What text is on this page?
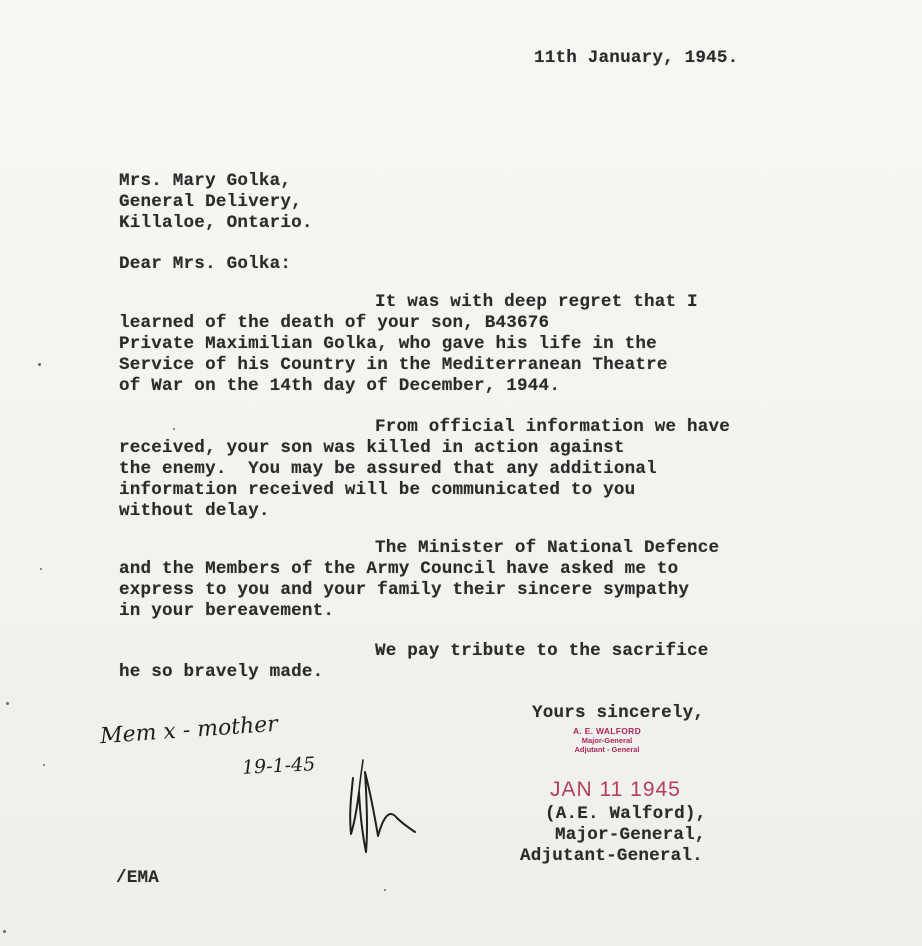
11th January, 1945.
Mrs. Mary Golka,
General Delivery,
Killaloe, Ontario.
Dear Mrs. Golka:
It was with deep regret that I
learned of the death of your son, B43676
Private Maximilian Golka, who gave his life in the
Service of his Country in the Mediterranean Theatre
of War on the 14th day of December, 1944.
From official information we have
received, your son was killed in action against
the enemy.  You may be assured that any additional
information received will be communicated to you
without delay.
The Minister of National Defence
and the Members of the Army Council have asked me to
express to you and your family their sincere sympathy
in your bereavement.
We pay tribute to the sacrifice
he so bravely made.
Yours sincerely,
A. E. WALFORD
Major-General
Adjutant - General
JAN 11 1945
(A.E. Walford),
Major-General,
Adjutant-General.
/EMA
Mem x - mother
19-1-45
